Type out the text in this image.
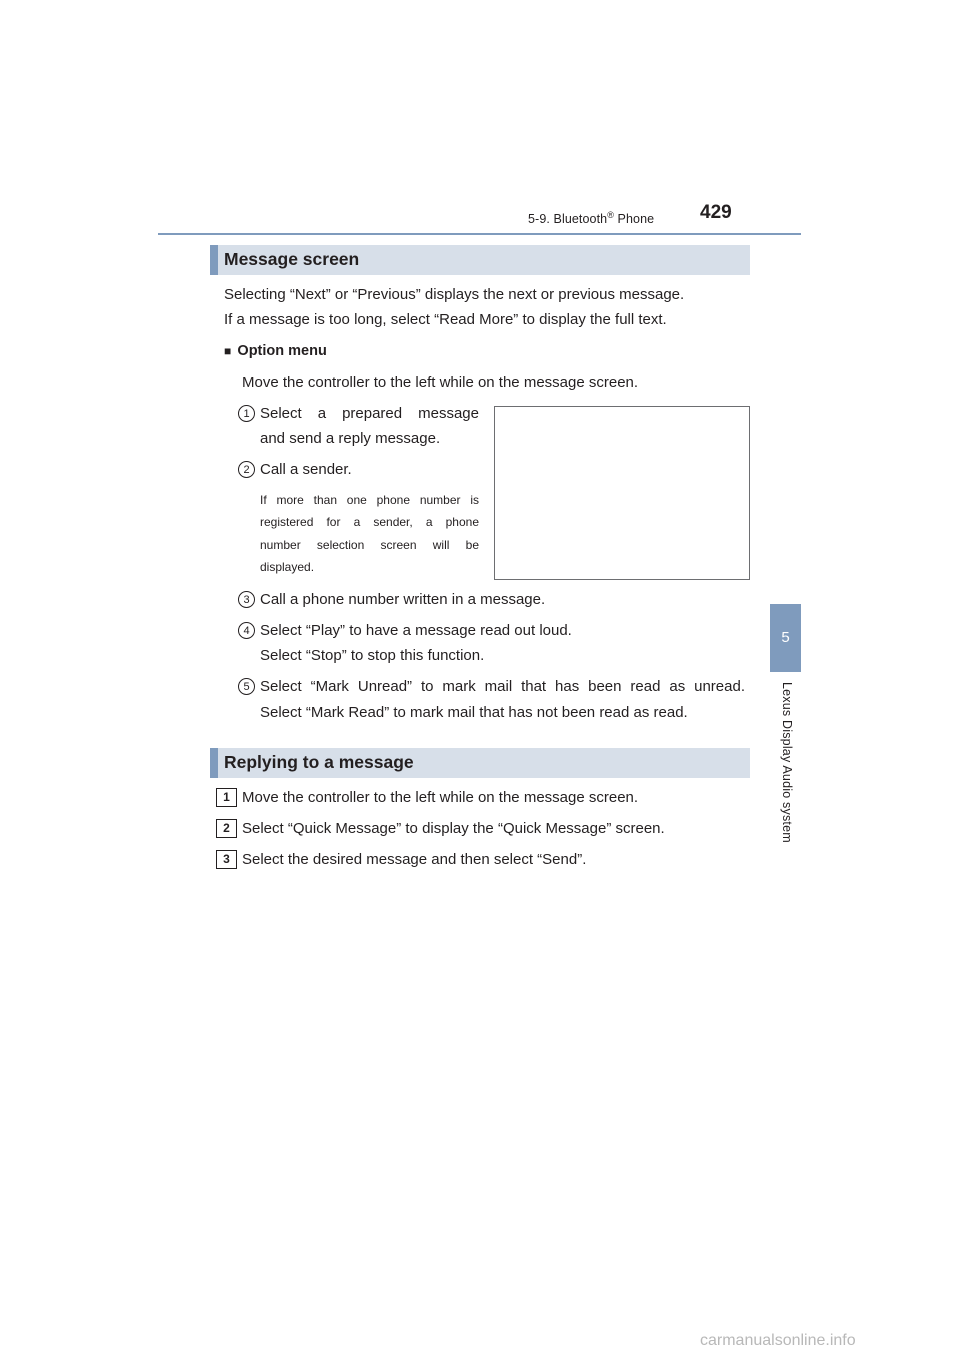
5-9. Bluetooth® Phone 429
5
Lexus Display Audio system
Message screen
Selecting “Next” or “Previous” displays the next or previous message.
If a message is too long, select “Read More” to display the full text.
■ Option menu
Move the controller to the left while on the message screen.
1 Select a prepared message
and send a reply message.
2 Call a sender.
If more than one phone number is
registered for a sender, a phone
number selection screen will be
displayed.
3 Call a phone number written in a message.
4 Select “Play” to have a message read out loud.
Select “Stop” to stop this function.
5 Select “Mark Unread” to mark mail that has been read as unread.
Select “Mark Read” to mark mail that has not been read as read.
Replying to a message
1 Move the controller to the left while on the message screen.
2 Select “Quick Message” to display the “Quick Message” screen.
3 Select the desired message and then select “Send”.
carmanualsonline.info
